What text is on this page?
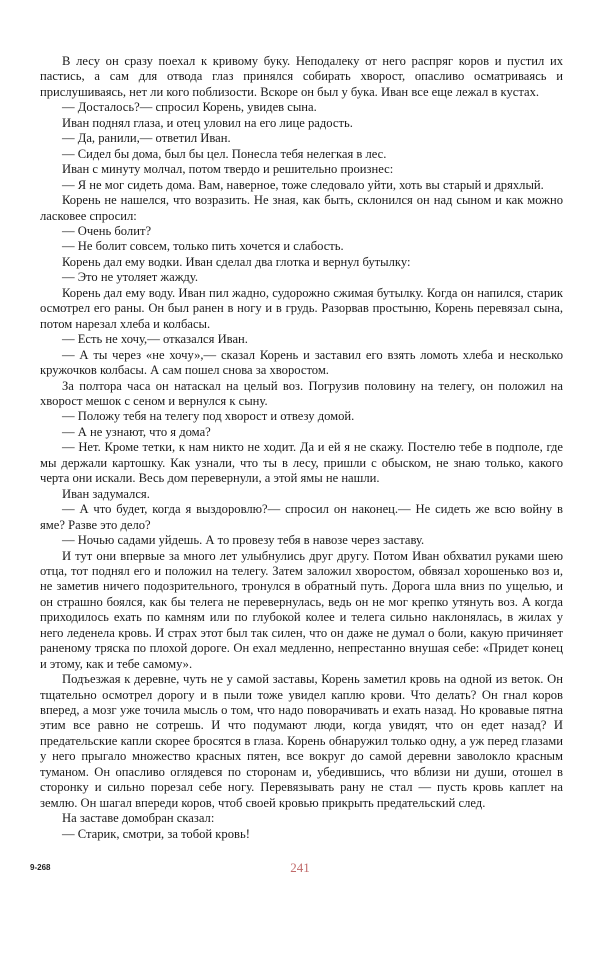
В лесу он сразу поехал к кривому буку. Неподалеку от него распряг коров и пустил их пастись, а сам для отвода глаз принялся собирать хворост, опасливо осматриваясь и прислушиваясь, нет ли кого поблизости. Вскоре он был у бука. Иван все еще лежал в кустах.

— Досталось?— спросил Корень, увидев сына.

Иван поднял глаза, и отец уловил на его лице радость.

— Да, ранили,— ответил Иван.

— Сидел бы дома, был бы цел. Понесла тебя нелегкая в лес.

Иван с минуту молчал, потом твердо и решительно произнес:

— Я не мог сидеть дома. Вам, наверное, тоже следовало уйти, хоть вы старый и дряхлый.

Корень не нашелся, что возразить. Не зная, как быть, склонился он над сыном и как можно ласковее спросил:

— Очень болит?

— Не болит совсем, только пить хочется и слабость.

Корень дал ему водки. Иван сделал два глотка и вернул бутылку:

— Это не утоляет жажду.

Корень дал ему воду. Иван пил жадно, судорожно сжимая бутылку. Когда он напился, старик осмотрел его раны. Он был ранен в ногу и в грудь. Разорвав простыню, Корень перевязал сына, потом нарезал хлеба и колбасы.

— Есть не хочу,— отказался Иван.

— А ты через «не хочу»,— сказал Корень и заставил его взять ломоть хлеба и несколько кружочков колбасы. А сам пошел снова за хворостом.

За полтора часа он натаскал на целый воз. Погрузив половину на телегу, он положил на хворост мешок с сеном и вернулся к сыну.

— Положу тебя на телегу под хворост и отвезу домой.

— А не узнают, что я дома?

— Нет. Кроме тетки, к нам никто не ходит. Да и ей я не скажу. Постелю тебе в подполе, где мы держали картошку. Как узнали, что ты в лесу, пришли с обыском, не знаю только, какого черта они искали. Весь дом перевернули, а этой ямы не нашли.

Иван задумался.

— А что будет, когда я выздоровлю?— спросил он наконец.— Не сидеть же всю войну в яме? Разве это дело?

— Ночью садами уйдешь. А то провезу тебя в навозе через заставу.

И тут они впервые за много лет улыбнулись друг другу. Потом Иван обхватил руками шею отца, тот поднял его и положил на телегу. Затем заложил хворостом, обвязал хорошенько воз и, не заметив ничего подозрительного, тронулся в обратный путь. Дорога шла вниз по ущелью, и он страшно боялся, как бы телега не перевернулась, ведь он не мог крепко утянуть воз. А когда приходилось ехать по камням или по глубокой колее и телега сильно наклонялась, в жилах у него леденела кровь. И страх этот был так силен, что он даже не думал о боли, какую причиняет раненому тряска по плохой дороге. Он ехал медленно, непрестанно внушая себе: «Придет конец и этому, как и тебе самому».

Подъезжая к деревне, чуть не у самой заставы, Корень заметил кровь на одной из веток. Он тщательно осмотрел дорогу и в пыли тоже увидел каплю крови. Что делать? Он гнал коров вперед, а мозг уже точила мысль о том, что надо поворачивать и ехать назад. Но кровавые пятна этим все равно не сотрешь. И что подумают люди, когда увидят, что он едет назад? И предательские капли скорее бросятся в глаза. Корень обнаружил только одну, а уж перед глазами у него прыгало множество красных пятен, все вокруг до самой деревни заволокло красным туманом. Он опасливо оглядевся по сторонам и, убедившись, что вблизи ни души, отошел в сторонку и сильно порезал себе ногу. Перевязывать рану не стал — пусть кровь каплет на землю. Он шагал впереди коров, чтоб своей кровью прикрыть предательский след.

На заставе домобран сказал:

— Старик, смотри, за тобой кровь!

9-268	241
